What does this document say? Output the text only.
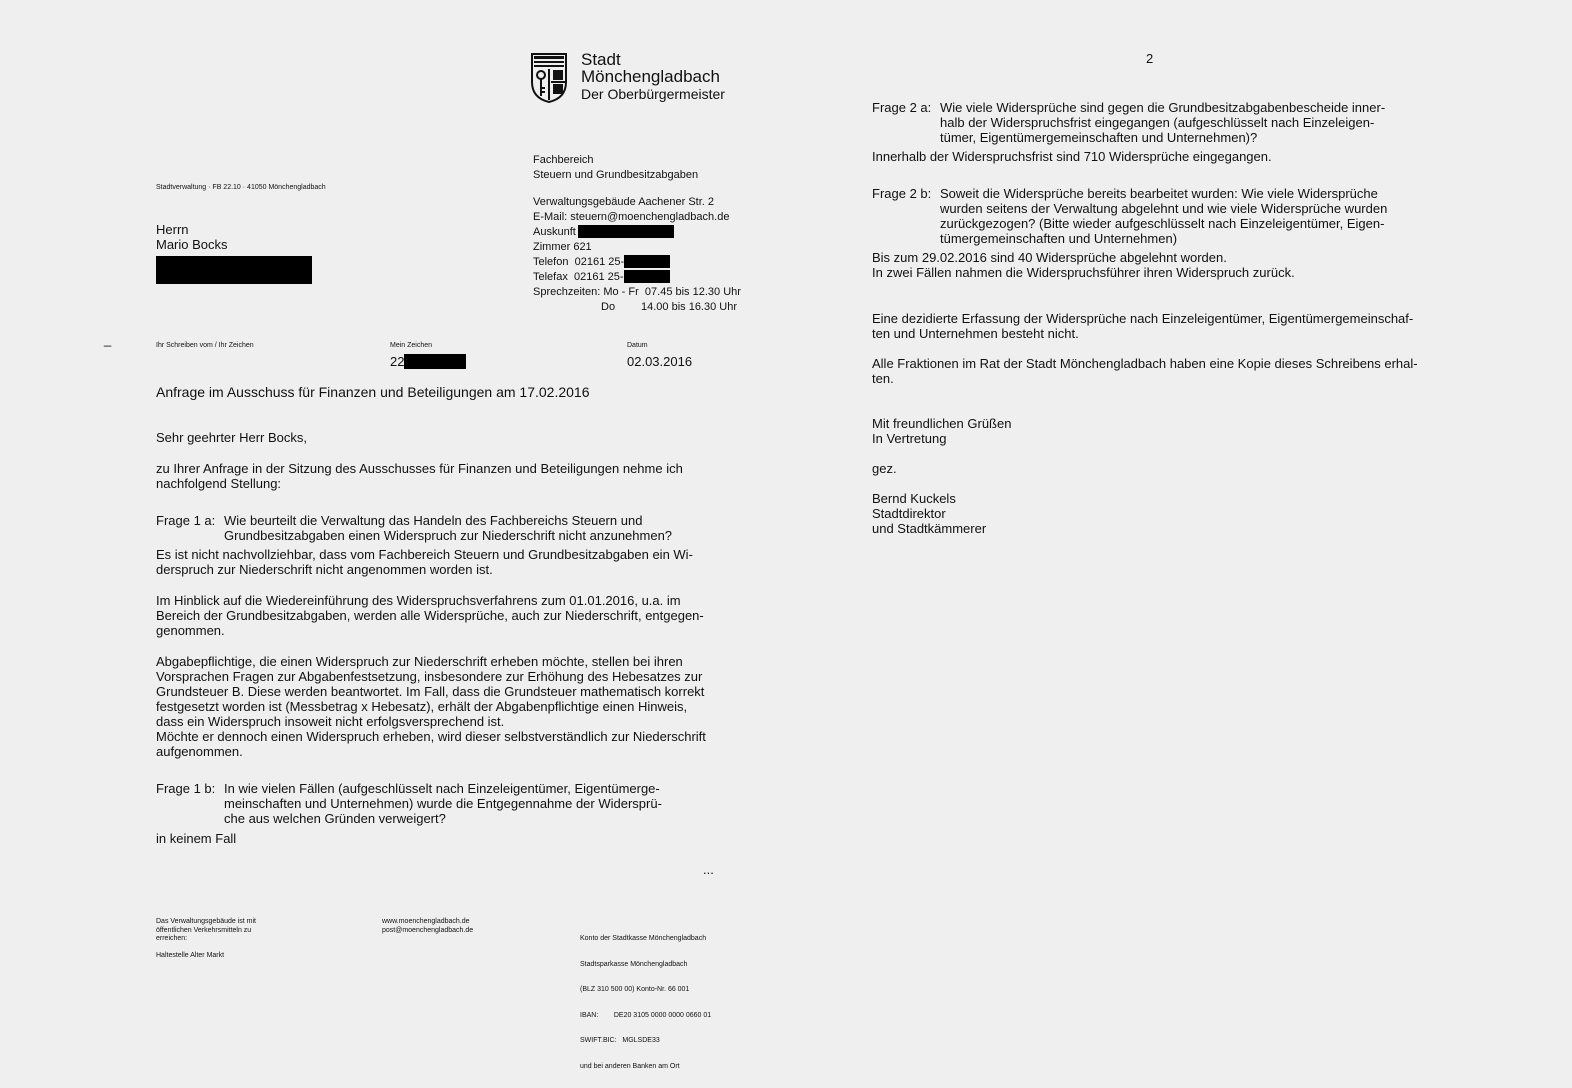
Stadt
Mönchengladbach
Der Oberbürgermeister
Stadtverwaltung · FB 22.10 · 41050 Mönchengladbach
Herrn
Mario Bocks
Fachbereich
Steuern und Grundbesitzabgaben
Verwaltungsgebäude Aachener Str. 2
E-Mail: steuern@moenchengladbach.de
Auskunft
Zimmer 621
Telefon 02161 25-
Telefax 02161 25-
Sprechzeiten: Mo - Fr 07.45 bis 12.30 Uhr
Do 14.00 bis 16.30 Uhr
_	Ihr Schreiben vom / Ihr Zeichen	Mein Zeichen
22
Datum
02.03.2016
Anfrage im Ausschuss für Finanzen und Beteiligungen am 17.02.2016
Sehr geehrter Herr Bocks,
zu Ihrer Anfrage in der Sitzung des Ausschusses für Finanzen und Beteiligungen nehme ich
nachfolgend Stellung:
Frage 1 a: Wie beurteilt die Verwaltung das Handeln des Fachbereichs Steuern und
Grundbesitzabgaben einen Widerspruch zur Niederschrift nicht anzunehmen?
Es ist nicht nachvollziehbar, dass vom Fachbereich Steuern und Grundbesitzabgaben ein Wi-
derspruch zur Niederschrift nicht angenommen worden ist.
Im Hinblick auf die Wiedereinführung des Widerspruchsverfahrens zum 01.01.2016, u.a. im
Bereich der Grundbesitzabgaben, werden alle Widersprüche, auch zur Niederschrift, entgegen-
genommen.
Abgabepflichtige, die einen Widerspruch zur Niederschrift erheben möchte, stellen bei ihren
Vorsprachen Fragen zur Abgabenfestsetzung, insbesondere zur Erhöhung des Hebesatzes zur
Grundsteuer B. Diese werden beantwortet. Im Fall, dass die Grundsteuer mathematisch korrekt
festgesetzt worden ist (Messbetrag x Hebesatz), erhält der Abgabenpflichtige einen Hinweis,
dass ein Widerspruch insoweit nicht erfolgsversprechend ist.
Möchte er dennoch einen Widerspruch erheben, wird dieser selbstverständlich zur Niederschrift
aufgenommen.
Frage 1 b: In wie vielen Fällen (aufgeschlüsselt nach Einzeleigentümer, Eigentümerge-
meinschaften und Unternehmen) wurde die Entgegennahme der Widersprü-
che aus welchen Gründen verweigert?
in keinem Fall
...
Das Verwaltungsgebäude ist mit
öffentlichen Verkehrsmitteln zu
erreichen:
Haltestelle Alter Markt
www.moenchengladbach.de
post@moenchengladbach.de

Konto der Stadtkasse Mönchengladbach

Stadtsparkasse Mönchengladbach

(BLZ 310 500 00) Konto-Nr. 66 001

IBAN:        DE20 3105 0000 0000 0660 01

SWIFT.BIC:   MGLSDE33

und bei anderen Banken am Ort

2
Frage 2 a: Wie viele Widersprüche sind gegen die Grundbesitzabgabenbescheide inner-
halb der Widerspruchsfrist eingegangen (aufgeschlüsselt nach Einzeleigen-
tümer, Eigentümergemeinschaften und Unternehmen)?
Innerhalb der Widerspruchsfrist sind 710 Widersprüche eingegangen.
Frage 2 b: Soweit die Widersprüche bereits bearbeitet wurden: Wie viele Widersprüche
wurden seitens der Verwaltung abgelehnt und wie viele Widersprüche wurden
zurückgezogen? (Bitte wieder aufgeschlüsselt nach Einzeleigentümer, Eigen-
tümergemeinschaften und Unternehmen)
Bis zum 29.02.2016 sind 40 Widersprüche abgelehnt worden.
In zwei Fällen nahmen die Widerspruchsführer ihren Widerspruch zurück.
Eine dezidierte Erfassung der Widersprüche nach Einzeleigentümer, Eigentümergemeinschaf-
ten und Unternehmen besteht nicht.
Alle Fraktionen im Rat der Stadt Mönchengladbach haben eine Kopie dieses Schreibens erhal-
ten.
Mit freundlichen Grüßen
In Vertretung
gez.
Bernd Kuckels
Stadtdirektor
und Stadtkämmerer
